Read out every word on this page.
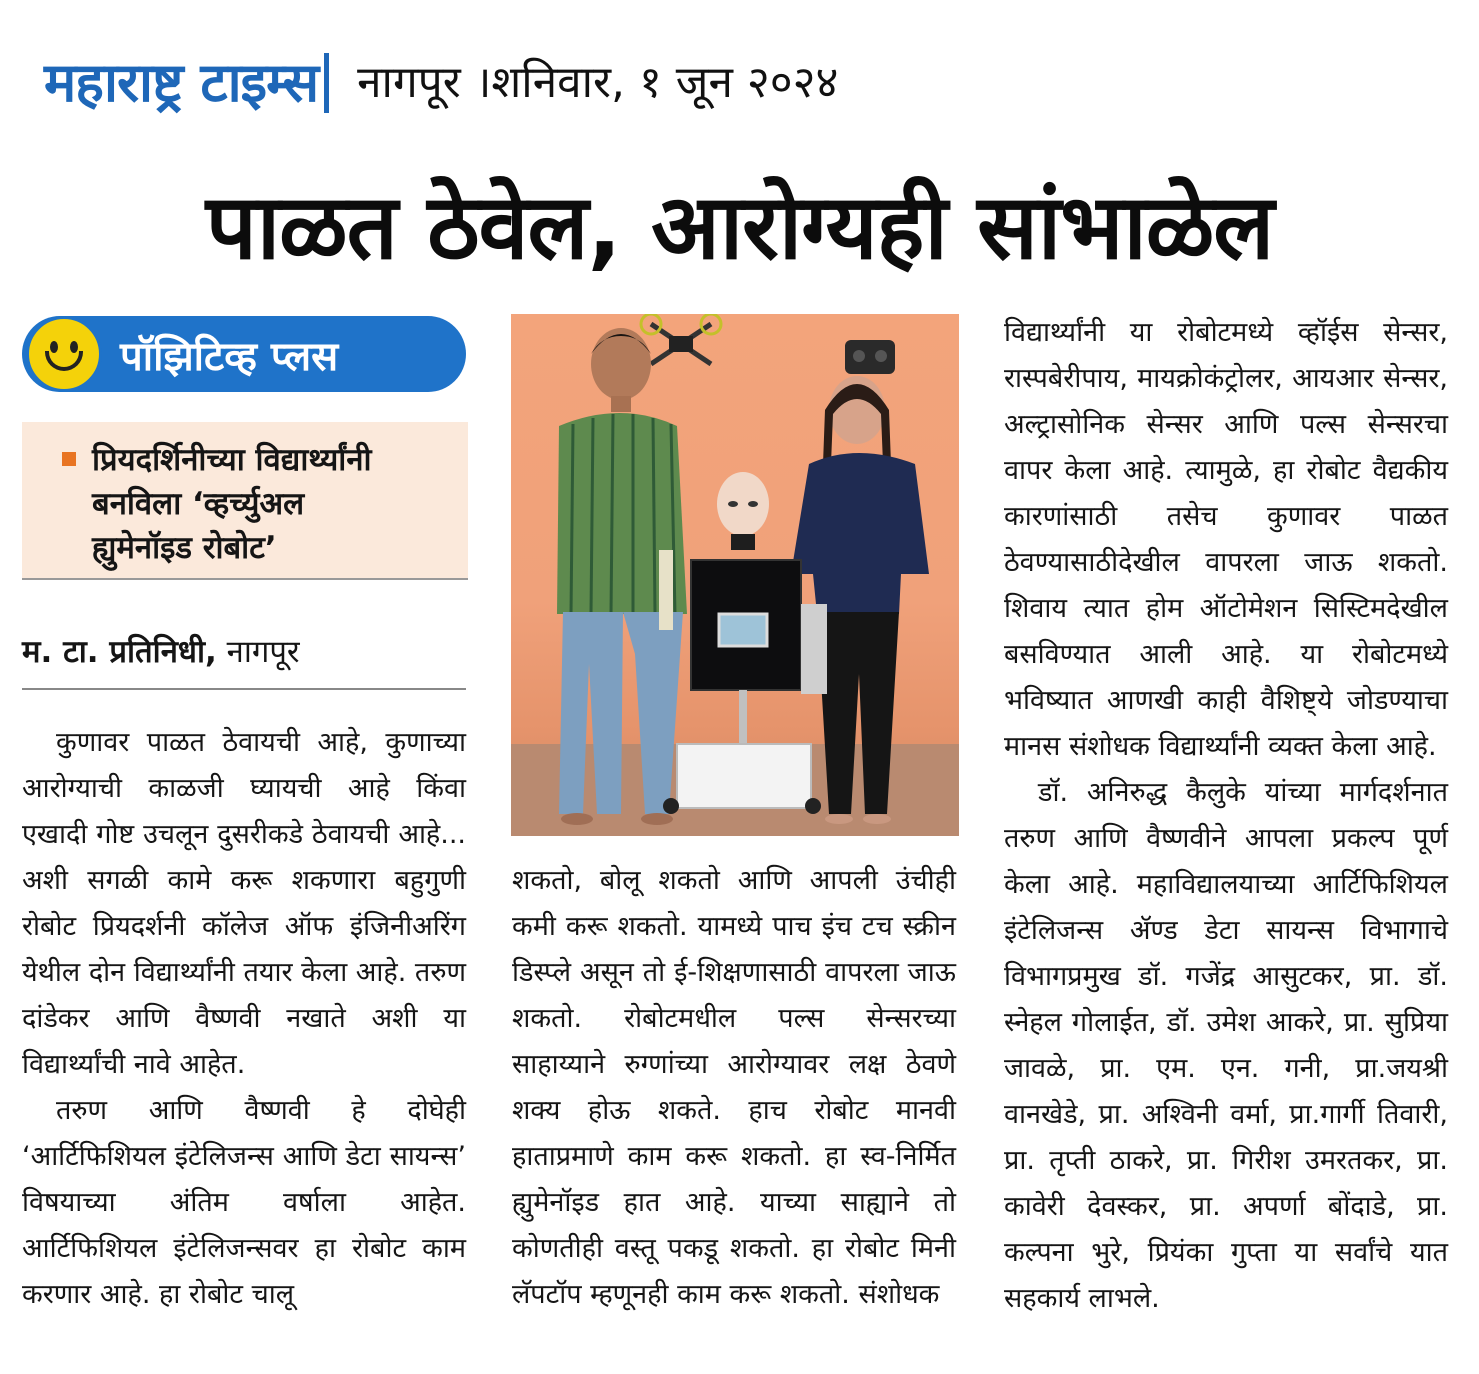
महाराष्ट्र टाइम्स नागपूर ।शनिवार, १ जून २०२४
पाळत ठेवेल, आरोग्यही सांभाळेल
पॉझिटिव्ह प्लस
प्रियदर्शिनीच्या विद्यार्थ्यांनी
बनविला ‘व्हर्च्युअल
ह्युमेनॉइड रोबोट’
म. टा. प्रतिनिधी, नागपूर

कुणावर पाळत ठेवायची आहे, कुणाच्या आरोग्याची काळजी घ्यायची आहे किंवा एखादी गोष्ट उचलून दुसरीकडे ठेवायची आहे... अशी सगळी कामे करू शकणारा बहुगुणी रोबोट प्रियदर्शनी कॉलेज ऑफ इंजिनीअरिंग येथील दोन विद्यार्थ्यांनी तयार केला आहे. तरुण दांडेकर आणि वैष्णवी नखाते अशी या विद्यार्थ्यांची नावे आहेत.

तरुण आणि वैष्णवी हे दोघेही ‘आर्टिफिशियल इंटेलिजन्स आणि डेटा सायन्स’ विषयाच्या अंतिम वर्षाला आहेत. आर्टिफिशियल इंटेलिजन्सवर हा रोबोट काम करणार आहे. हा रोबोट चालू

शकतो, बोलू शकतो आणि आपली उंचीही कमी करू शकतो. यामध्ये पाच इंच टच स्क्रीन डिस्प्ले असून तो ई-शिक्षणासाठी वापरला जाऊ शकतो. रोबोटमधील पल्स सेन्सरच्या साहाय्याने रुग्णांच्या आरोग्यावर लक्ष ठेवणे शक्य होऊ शकते. हाच रोबोट मानवी हाताप्रमाणे काम करू शकतो. हा स्व-निर्मित ह्युमेनॉइड हात आहे. याच्या साह्याने तो कोणतीही वस्तू पकडू शकतो. हा रोबोट मिनी लॅपटॉप म्हणूनही काम करू शकतो. संशोधक

विद्यार्थ्यांनी या रोबोटमध्ये व्हॉईस सेन्सर, रास्पबेरीपाय, मायक्रोकंट्रोलर, आयआर सेन्सर, अल्ट्रासोनिक सेन्सर आणि पल्स सेन्सरचा वापर केला आहे. त्यामुळे, हा रोबोट वैद्यकीय कारणांसाठी तसेच कुणावर पाळत ठेवण्यासाठीदेखील वापरला जाऊ शकतो. शिवाय त्यात होम ऑटोमेशन सिस्टिमदेखील बसविण्यात आली आहे. या रोबोटमध्ये भविष्यात आणखी काही वैशिष्ट्ये जोडण्याचा मानस संशोधक विद्यार्थ्यांनी व्यक्त केला आहे.

डॉ. अनिरुद्ध कैलुके यांच्या मार्गदर्शनात तरुण आणि वैष्णवीने आपला प्रकल्प पूर्ण केला आहे. महाविद्यालयाच्या आर्टिफिशियल इंटेलिजन्स ॲण्ड डेटा सायन्स विभागाचे विभागप्रमुख डॉ. गजेंद्र आसुटकर, प्रा. डॉ. स्नेहल गोलाईत, डॉ. उमेश आकरे, प्रा. सुप्रिया जावळे, प्रा. एम. एन. गनी, प्रा.जयश्री वानखेडे, प्रा. अश्विनी वर्मा, प्रा.गार्गी तिवारी, प्रा. तृप्ती ठाकरे, प्रा. गिरीश उमरतकर, प्रा. कावेरी देवस्कर, प्रा. अपर्णा बोंदाडे, प्रा. कल्पना भुरे, प्रियंका गुप्ता या सर्वांचे यात सहकार्य लाभले.
